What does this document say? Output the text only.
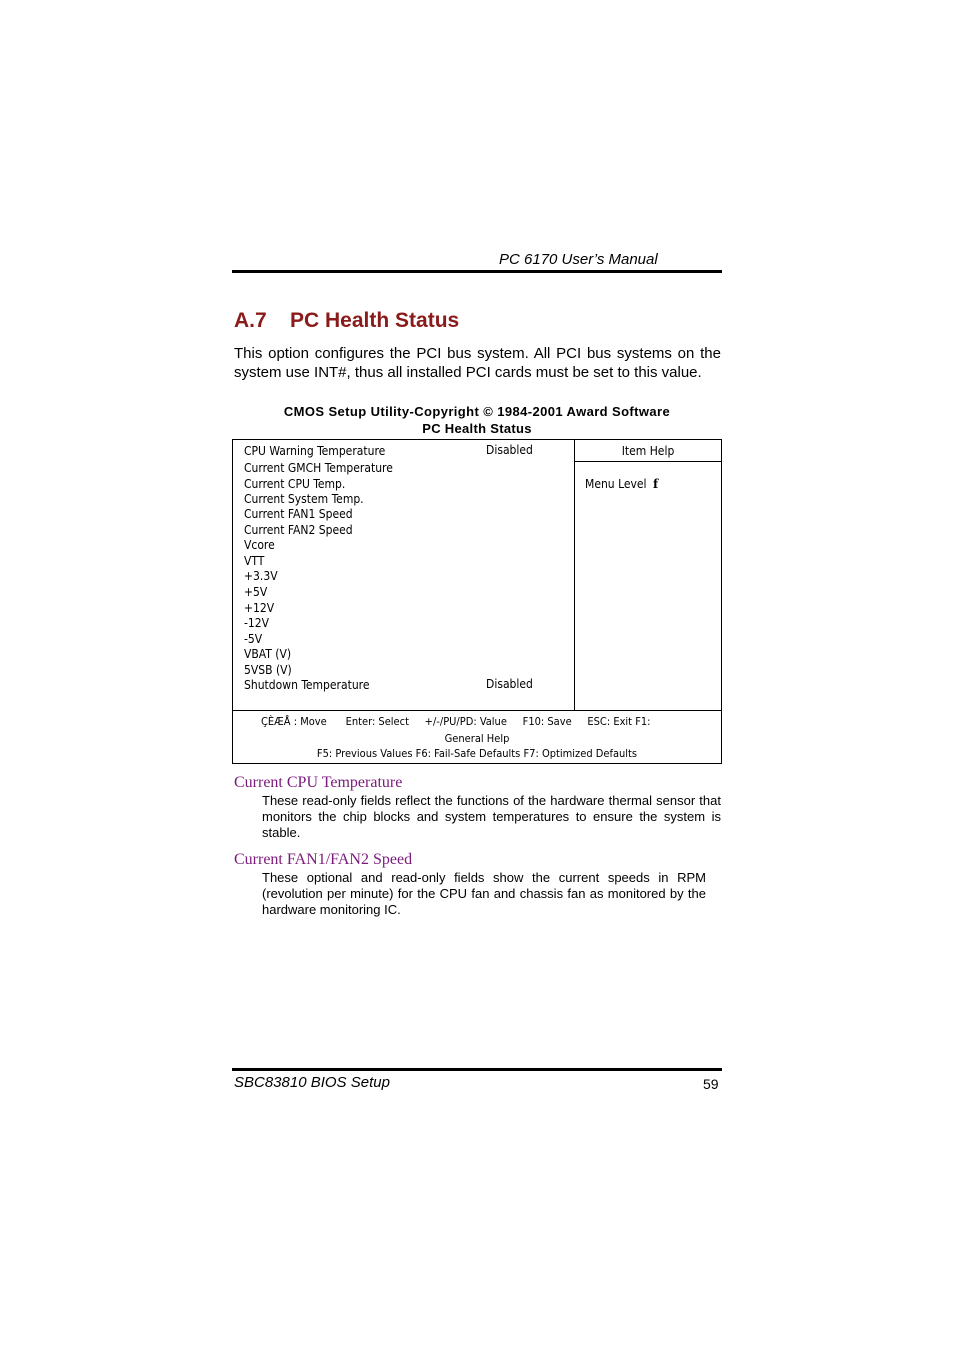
PC 6170 User’s Manual
A.7 PC Health Status
This option configures the PCI bus system. All PCI bus systems on the system use INT#, thus all installed PCI cards must be set to this value.
CMOS Setup Utility-Copyright © 1984-2001 Award Software
PC Health Status
CPU Warning Temperature	Disabled
Current GMCH Temperature
Current CPU Temp.
Current System Temp.
Current FAN1 Speed
Current FAN2 Speed
Vcore
VTT
+3.3V
+5V
+12V
-12V
-5V
VBAT (V)
5VSB (V)
Shutdown Temperature	Disabled
Item Help
Menu Level f
ÇÈÆÅ : Move      Enter: Select     +/-/PU/PD: Value     F10: Save     ESC: Exit F1:
General Help
F5: Previous Values F6: Fail-Safe Defaults F7: Optimized Defaults
Current CPU Temperature
These read-only fields reflect the functions of the hardware thermal sensor that monitors the chip blocks and system temperatures to ensure the system is stable.
Current FAN1/FAN2 Speed
These optional and read-only fields show the current speeds in RPM (revolution per minute) for the CPU fan and chassis fan as monitored by the hardware monitoring IC.
SBC83810 BIOS Setup	59
